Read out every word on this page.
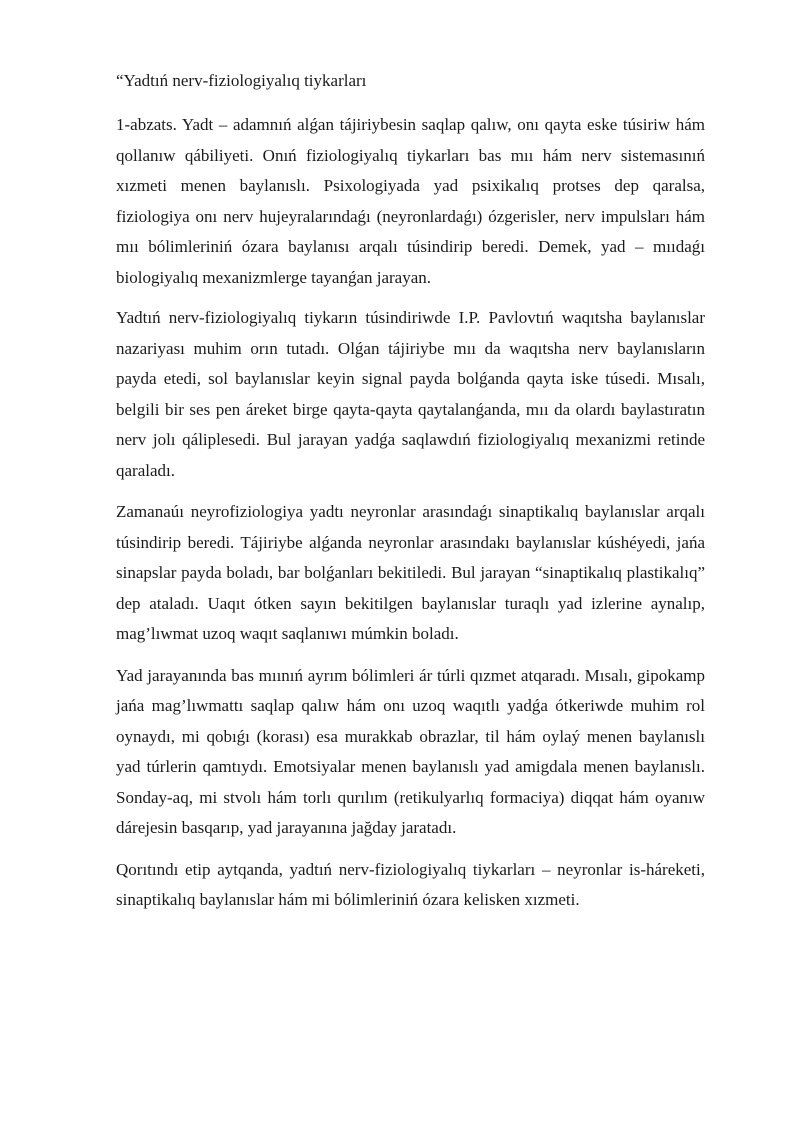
“Yadtıń nerv-fiziologiyalıq tiykarları

1-abzats. Yadt – adamnıń alǵan tájiriybesin saqlap qalıw, onı qayta eske túsiriw hám qollanıw qábiliyeti. Onıń fiziologiyalıq tiykarları bas mıı hám nerv sistemasınıń xızmeti menen baylanıslı. Psixologiyada yad psixikalıq protses dep qaralsa, fiziologiya onı nerv hujeyralarındaǵı (neyronlardaǵı) ózgerisler, nerv impulsları hám mıı bólimleriniń ózara baylanısı arqalı túsindirip beredi. Demek, yad – mııdaǵı biologiyalıq mexanizmlerge tayanǵan jarayan.

Yadtıń nerv-fiziologiyalıq tiykarın túsindiriwde I.P. Pavlovtıń waqıtsha baylanıslar nazariyası muhim orın tutadı. Olǵan tájiriybe mıı da waqıtsha nerv baylanısların payda etedi, sol baylanıslar keyin signal payda bolǵanda qayta iske túsedi. Mısalı, belgili bir ses pen áreket birge qayta-qayta qaytalanǵanda, mıı da olardı baylastıratın nerv jolı qáliplesedi. Bul jarayan yadǵa saqlawdıń fiziologiyalıq mexanizmi retinde qaraladı.

Zamanaúı neyrofiziologiya yadtı neyronlar arasındaǵı sinaptikalıq baylanıslar arqalı túsindirip beredi. Tájiriybe alǵanda neyronlar arasındakı baylanıslar kúshéyedi, jańa sinapslar payda boladı, bar bolǵanları bekitiledi. Bul jarayan “sinaptikalıq plastikalıq” dep ataladı. Uaqıt ótken sayın bekitilgen baylanıslar turaqlı yad izlerine aynalıp, mag’lıwmat uzoq waqıt saqlanıwı múmkin boladı.

Yad jarayanında bas mıınıń ayrım bólimleri ár túrli qızmet atqaradı. Mısalı, gipokamp jańa mag’lıwmattı saqlap qalıw hám onı uzoq waqıtlı yadǵa ótkeriwde muhim rol oynaydı, mi qobıǵı (korası) esa murakkab obrazlar, til hám oylaý menen baylanıslı yad túrlerin qamtıydı. Emotsiyalar menen baylanıslı yad amigdala menen baylanıslı. Sonday-aq, mi stvolı hám torlı qurılım (retikulyarlıq formaciya) diqqat hám oyanıw dárejesin basqarıp, yad jarayanına jağday jaratadı.

Qorıtındı etip aytqanda, yadtıń nerv-fiziologiyalıq tiykarları – neyronlar is-háreketi, sinaptikalıq baylanıslar hám mi bólimleriniń ózara kelisken xızmeti.
